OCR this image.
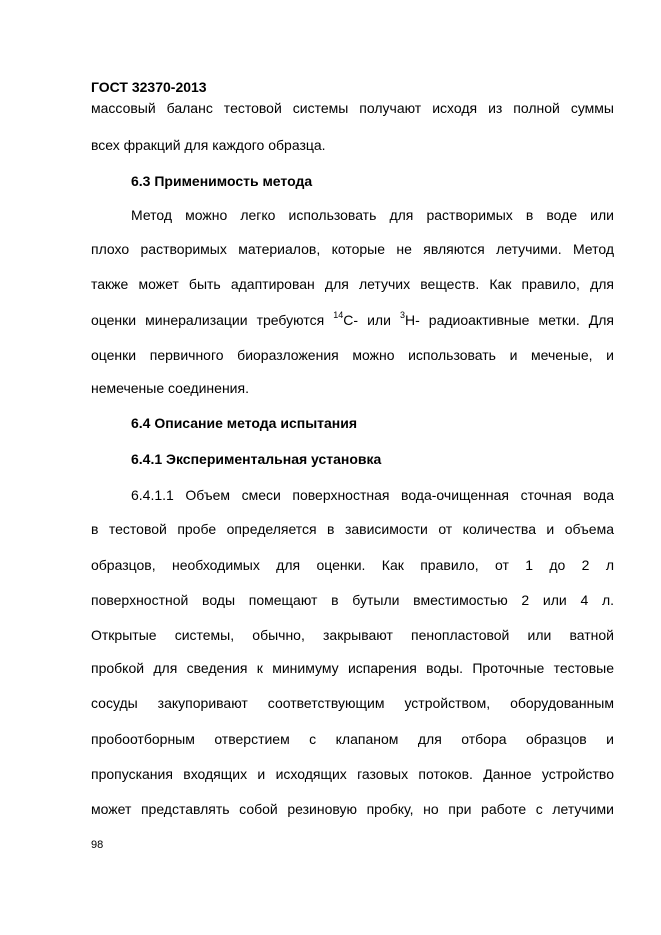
ГОСТ 32370-2013
массовый баланс тестовой системы получают исходя из полной суммы
всех фракций для каждого образца.
6.3 Применимость метода
Метод можно легко использовать для растворимых в воде или
плохо растворимых материалов, которые не являются летучими. Метод
также может быть адаптирован для летучих веществ. Как правило, для
оценки минерализации требуются $^{14}$С- или $^3$Н- радиоактивные метки. Для
оценки первичного биоразложения можно использовать и меченые, и
немеченые соединения.
6.4 Описание метода испытания
6.4.1 Экспериментальная установка
6.4.1.1 Объем смеси поверхностная вода-очищенная сточная вода
в тестовой пробе определяется в зависимости от количества и объема
образцов, необходимых для оценки. Как правило, от 1 до 2 л
поверхностной воды помещают в бутыли вместимостью 2 или 4 л.
Открытые системы, обычно, закрывают пенопластовой или ватной
пробкой для сведения к минимуму испарения воды. Проточные тестовые
сосуды закупоривают соответствующим устройством, оборудованным
пробоотборным отверстием с клапаном для отбора образцов и
пропускания входящих и исходящих газовых потоков. Данное устройство
может представлять собой резиновую пробку, но при работе с летучими
98
